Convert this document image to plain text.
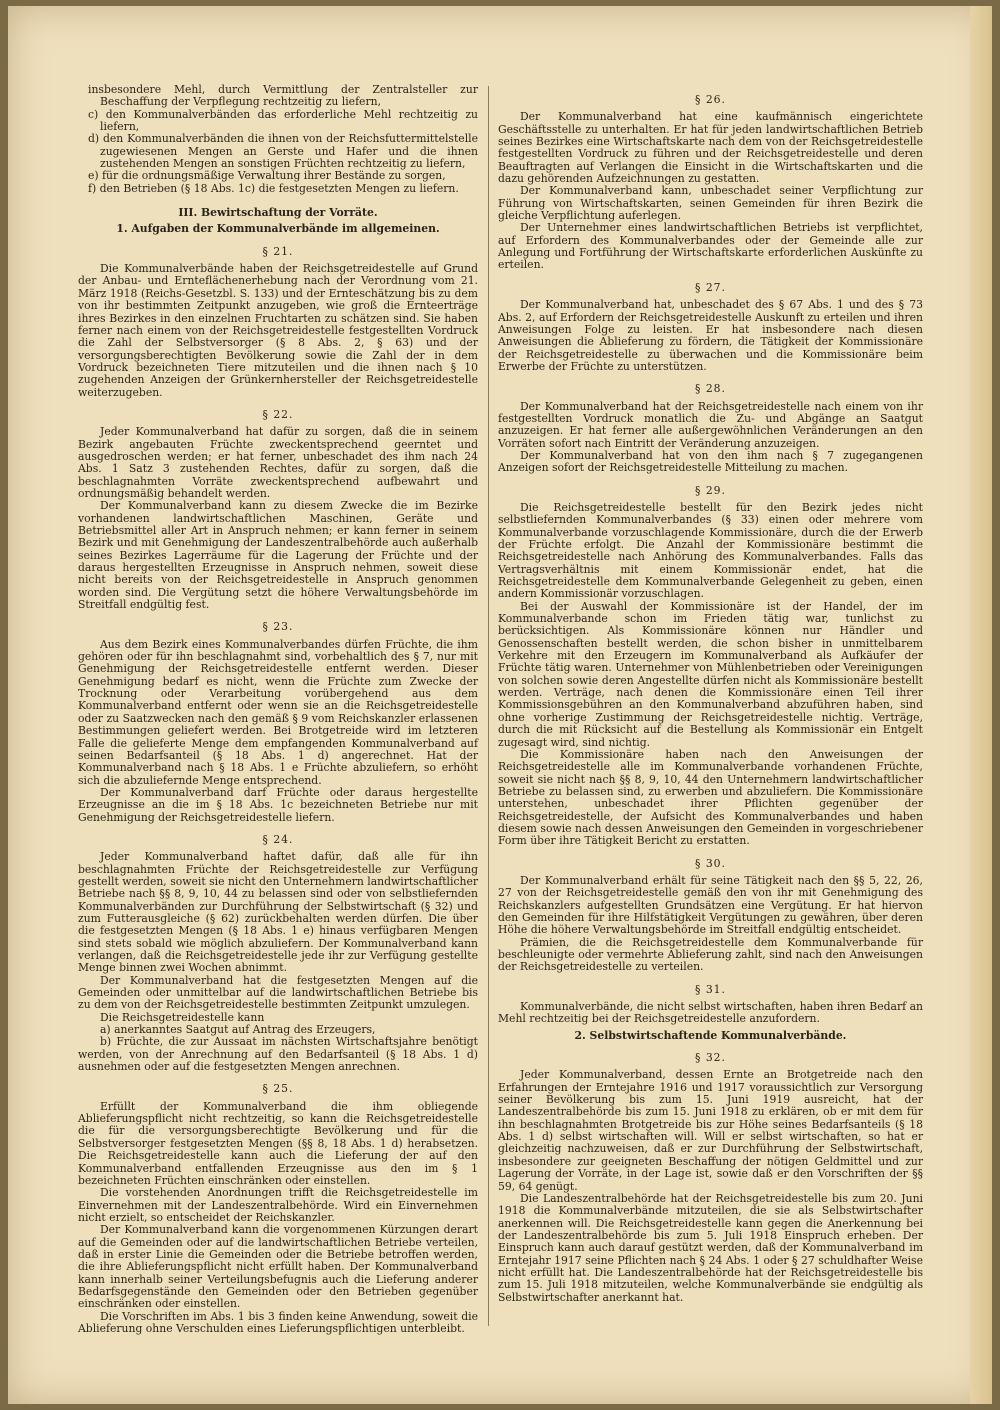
insbesondere Mehl, durch Vermittlung der Zentralsteller zur Beschaffung der Verpflegung rechtzeitig zu liefern,

c) den Kommunalverbänden das erforderliche Mehl rechtzeitig zu liefern,

d) den Kommunalverbänden die ihnen von der Reichsfuttermittelstelle zugewiesenen Mengen an Gerste und Hafer und die ihnen zustehenden Mengen an sonstigen Früchten rechtzeitig zu liefern,

e) für die ordnungsmäßige Verwaltung ihrer Bestände zu sorgen,

f) den Betrieben (§ 18 Abs. 1c) die festgesetzten Mengen zu liefern.

III. Bewirtschaftung der Vorräte.
1. Aufgaben der Kommunalverbände im allgemeinen.
§ 21.

Die Kommunalverbände haben der Reichsgetreidestelle auf Grund der Anbau- und Ernteflächenerhebung nach der Verordnung vom 21. März 1918 (Reichs-Gesetzbl. S. 133) und der Ernteschätzung bis zu dem von ihr bestimmten Zeitpunkt anzugeben, wie groß die Ernteerträge ihres Bezirkes in den einzelnen Fruchtarten zu schätzen sind. Sie haben ferner nach einem von der Reichsgetreidestelle festgestellten Vordruck die Zahl der Selbstversorger (§ 8 Abs. 2, § 63) und der versorgungsberechtigten Bevölkerung sowie die Zahl der in dem Vordruck bezeichneten Tiere mitzuteilen und die ihnen nach § 10 zugehenden Anzeigen der Grünkernhersteller der Reichsgetreidestelle weiterzugeben.

§ 22.

Jeder Kommunalverband hat dafür zu sorgen, daß die in seinem Bezirk angebauten Früchte zweckentsprechend geerntet und ausgedroschen werden; er hat ferner, unbeschadet des ihm nach 24 Abs. 1 Satz 3 zustehenden Rechtes, dafür zu sorgen, daß die beschlagnahmten Vorräte zweckentsprechend aufbewahrt und ordnungsmäßig behandelt werden.

Der Kommunalverband kann zu diesem Zwecke die im Bezirke vorhandenen landwirtschaftlichen Maschinen, Geräte und Betriebsmittel aller Art in Anspruch nehmen; er kann ferner in seinem Bezirk und mit Genehmigung der Landeszentralbehörde auch außerhalb seines Bezirkes Lagerräume für die Lagerung der Früchte und der daraus hergestellten Erzeugnisse in Anspruch nehmen, soweit diese nicht bereits von der Reichsgetreidestelle in Anspruch genommen worden sind. Die Vergütung setzt die höhere Verwaltungsbehörde im Streitfall endgültig fest.

§ 23.

Aus dem Bezirk eines Kommunalverbandes dürfen Früchte, die ihm gehören oder für ihn beschlagnahmt sind, vorbehaltlich des § 7, nur mit Genehmigung der Reichsgetreidestelle entfernt werden. Dieser Genehmigung bedarf es nicht, wenn die Früchte zum Zwecke der Trocknung oder Verarbeitung vorübergehend aus dem Kommunalverband entfernt oder wenn sie an die Reichsgetreidestelle oder zu Saatzwecken nach den gemäß § 9 vom Reichskanzler erlassenen Bestimmungen geliefert werden. Bei Brotgetreide wird im letzteren Falle die gelieferte Menge dem empfangenden Kommunalverband auf seinen Bedarfsanteil (§ 18 Abs. 1 d) angerechnet. Hat der Kommunalverband nach § 18 Abs. 1 e Früchte abzuliefern, so erhöht sich die abzuliefernde Menge entsprechend.

Der Kommunalverband darf Früchte oder daraus hergestellte Erzeugnisse an die im § 18 Abs. 1c bezeichneten Betriebe nur mit Genehmigung der Reichsgetreidestelle liefern.

§ 24.

Jeder Kommunalverband haftet dafür, daß alle für ihn beschlagnahmten Früchte der Reichsgetreidestelle zur Verfügung gestellt werden, soweit sie nicht den Unternehmern landwirtschaftlicher Betriebe nach §§ 8, 9, 10, 44 zu belassen sind oder von selbstliefernden Kommunalverbänden zur Durchführung der Selbstwirtschaft (§ 32) und zum Futterausgleiche (§ 62) zurückbehalten werden dürfen. Die über die festgesetzten Mengen (§ 18 Abs. 1 e) hinaus verfügbaren Mengen sind stets sobald wie möglich abzuliefern. Der Kommunalverband kann verlangen, daß die Reichsgetreidestelle jede ihr zur Verfügung gestellte Menge binnen zwei Wochen abnimmt.

Der Kommunalverband hat die festgesetzten Mengen auf die Gemeinden oder unmittelbar auf die landwirtschaftlichen Betriebe bis zu dem von der Reichsgetreidestelle bestimmten Zeitpunkt umzulegen.

Die Reichsgetreidestelle kann

a) anerkanntes Saatgut auf Antrag des Erzeugers,

b) Früchte, die zur Aussaat im nächsten Wirtschaftsjahre benötigt werden, von der Anrechnung auf den Bedarfsanteil (§ 18 Abs. 1 d) ausnehmen oder auf die festgesetzten Mengen anrechnen.

§ 25.

Erfüllt der Kommunalverband die ihm obliegende Ablieferungspflicht nicht rechtzeitig, so kann die Reichsgetreidestelle die für die versorgungsberechtigte Bevölkerung und für die Selbstversorger festgesetzten Mengen (§§ 8, 18 Abs. 1 d) herabsetzen. Die Reichsgetreidestelle kann auch die Lieferung der auf den Kommunalverband entfallenden Erzeugnisse aus den im § 1 bezeichneten Früchten einschränken oder einstellen.

Die vorstehenden Anordnungen trifft die Reichsgetreidestelle im Einvernehmen mit der Landeszentralbehörde. Wird ein Einvernehmen nicht erzielt, so entscheidet der Reichskanzler.

Der Kommunalverband kann die vorgenommenen Kürzungen derart auf die Gemeinden oder auf die landwirtschaftlichen Betriebe verteilen, daß in erster Linie die Gemeinden oder die Betriebe betroffen werden, die ihre Ablieferungspflicht nicht erfüllt haben. Der Kommunalverband kann innerhalb seiner Verteilungsbefugnis auch die Lieferung anderer Bedarfsgegenstände den Gemeinden oder den Betrieben gegenüber einschränken oder einstellen.

Die Vorschriften im Abs. 1 bis 3 finden keine Anwendung, soweit die Ablieferung ohne Verschulden eines Lieferungspflichtigen unterbleibt.

§ 26.

Der Kommunalverband hat eine kaufmännisch eingerichtete Geschäftsstelle zu unterhalten. Er hat für jeden landwirtschaftlichen Betrieb seines Bezirkes eine Wirtschaftskarte nach dem von der Reichsgetreidestelle festgestellten Vordruck zu führen und der Reichsgetreidestelle und deren Beauftragten auf Verlangen die Einsicht in die Wirtschaftskarten und die dazu gehörenden Aufzeichnungen zu gestatten.

Der Kommunalverband kann, unbeschadet seiner Verpflichtung zur Führung von Wirtschaftskarten, seinen Gemeinden für ihren Bezirk die gleiche Verpflichtung auferlegen.

Der Unternehmer eines landwirtschaftlichen Betriebs ist verpflichtet, auf Erfordern des Kommunalverbandes oder der Gemeinde alle zur Anlegung und Fortführung der Wirtschaftskarte erforderlichen Auskünfte zu erteilen.

§ 27.

Der Kommunalverband hat, unbeschadet des § 67 Abs. 1 und des § 73 Abs. 2, auf Erfordern der Reichsgetreidestelle Auskunft zu erteilen und ihren Anweisungen Folge zu leisten. Er hat insbesondere nach diesen Anweisungen die Ablieferung zu fördern, die Tätigkeit der Kommissionäre der Reichsgetreidestelle zu überwachen und die Kommissionäre beim Erwerbe der Früchte zu unterstützen.

§ 28.

Der Kommunalverband hat der Reichsgetreidestelle nach einem von ihr festgestellten Vordruck monatlich die Zu- und Abgänge an Saatgut anzuzeigen. Er hat ferner alle außergewöhnlichen Veränderungen an den Vorräten sofort nach Eintritt der Veränderung anzuzeigen.

Der Kommunalverband hat von den ihm nach § 7 zugegangenen Anzeigen sofort der Reichsgetreidestelle Mitteilung zu machen.

§ 29.

Die Reichsgetreidestelle bestellt für den Bezirk jedes nicht selbstliefernden Kommunalverbandes (§ 33) einen oder mehrere vom Kommunalverbande vorzuschlagende Kommissionäre, durch die der Erwerb der Früchte erfolgt. Die Anzahl der Kommissionäre bestimmt die Reichsgetreidestelle nach Anhörung des Kommunalverbandes. Falls das Vertragsverhältnis mit einem Kommissionär endet, hat die Reichsgetreidestelle dem Kommunalverbande Gelegenheit zu geben, einen andern Kommissionär vorzuschlagen.

Bei der Auswahl der Kommissionäre ist der Handel, der im Kommunalverbande schon im Frieden tätig war, tunlichst zu berücksichtigen. Als Kommissionäre können nur Händler und Genossenschaften bestellt werden, die schon bisher in unmittelbarem Verkehre mit den Erzeugern im Kommunalverband als Aufkäufer der Früchte tätig waren. Unternehmer von Mühlenbetrieben oder Vereinigungen von solchen sowie deren Angestellte dürfen nicht als Kommissionäre bestellt werden. Verträge, nach denen die Kommissionäre einen Teil ihrer Kommissionsgebühren an den Kommunalverband abzuführen haben, sind ohne vorherige Zustimmung der Reichsgetreidestelle nichtig. Verträge, durch die mit Rücksicht auf die Bestellung als Kommissionär ein Entgelt zugesagt wird, sind nichtig.

Die Kommissionäre haben nach den Anweisungen der Reichsgetreidestelle alle im Kommunalverbande vorhandenen Früchte, soweit sie nicht nach §§ 8, 9, 10, 44 den Unternehmern landwirtschaftlicher Betriebe zu belassen sind, zu erwerben und abzuliefern. Die Kommissionäre unterstehen, unbeschadet ihrer Pflichten gegenüber der Reichsgetreidestelle, der Aufsicht des Kommunalverbandes und haben diesem sowie nach dessen Anweisungen den Gemeinden in vorgeschriebener Form über ihre Tätigkeit Bericht zu erstatten.

§ 30.

Der Kommunalverband erhält für seine Tätigkeit nach den §§ 5, 22, 26, 27 von der Reichsgetreidestelle gemäß den von ihr mit Genehmigung des Reichskanzlers aufgestellten Grundsätzen eine Vergütung. Er hat hiervon den Gemeinden für ihre Hilfstätigkeit Vergütungen zu gewähren, über deren Höhe die höhere Verwaltungsbehörde im Streitfall endgültig entscheidet.

Prämien, die die Reichsgetreidestelle dem Kommunalverbande für beschleunigte oder vermehrte Ablieferung zahlt, sind nach den Anweisungen der Reichsgetreidestelle zu verteilen.

§ 31.

Kommunalverbände, die nicht selbst wirtschaften, haben ihren Bedarf an Mehl rechtzeitig bei der Reichsgetreidestelle anzufordern.

2. Selbstwirtschaftende Kommunalverbände.
§ 32.

Jeder Kommunalverband, dessen Ernte an Brotgetreide nach den Erfahrungen der Erntejahre 1916 und 1917 voraussichtlich zur Versorgung seiner Bevölkerung bis zum 15. Juni 1919 ausreicht, hat der Landeszentralbehörde bis zum 15. Juni 1918 zu erklären, ob er mit dem für ihn beschlagnahmten Brotgetreide bis zur Höhe seines Bedarfsanteils (§ 18 Abs. 1 d) selbst wirtschaften will. Will er selbst wirtschaften, so hat er gleichzeitig nachzuweisen, daß er zur Durchführung der Selbstwirtschaft, insbesondere zur geeigneten Beschaffung der nötigen Geldmittel und zur Lagerung der Vorräte, in der Lage ist, sowie daß er den Vorschriften der §§ 59, 64 genügt.

Die Landeszentralbehörde hat der Reichsgetreidestelle bis zum 20. Juni 1918 die Kommunalverbände mitzuteilen, die sie als Selbstwirtschafter anerkennen will. Die Reichsgetreidestelle kann gegen die Anerkennung bei der Landeszentralbehörde bis zum 5. Juli 1918 Einspruch erheben. Der Einspruch kann auch darauf gestützt werden, daß der Kommunalverband im Erntejahr 1917 seine Pflichten nach § 24 Abs. 1 oder § 27 schuldhafter Weise nicht erfüllt hat. Die Landeszentralbehörde hat der Reichsgetreidestelle bis zum 15. Juli 1918 mitzuteilen, welche Kommunalverbände sie endgültig als Selbstwirtschafter anerkannt hat.
